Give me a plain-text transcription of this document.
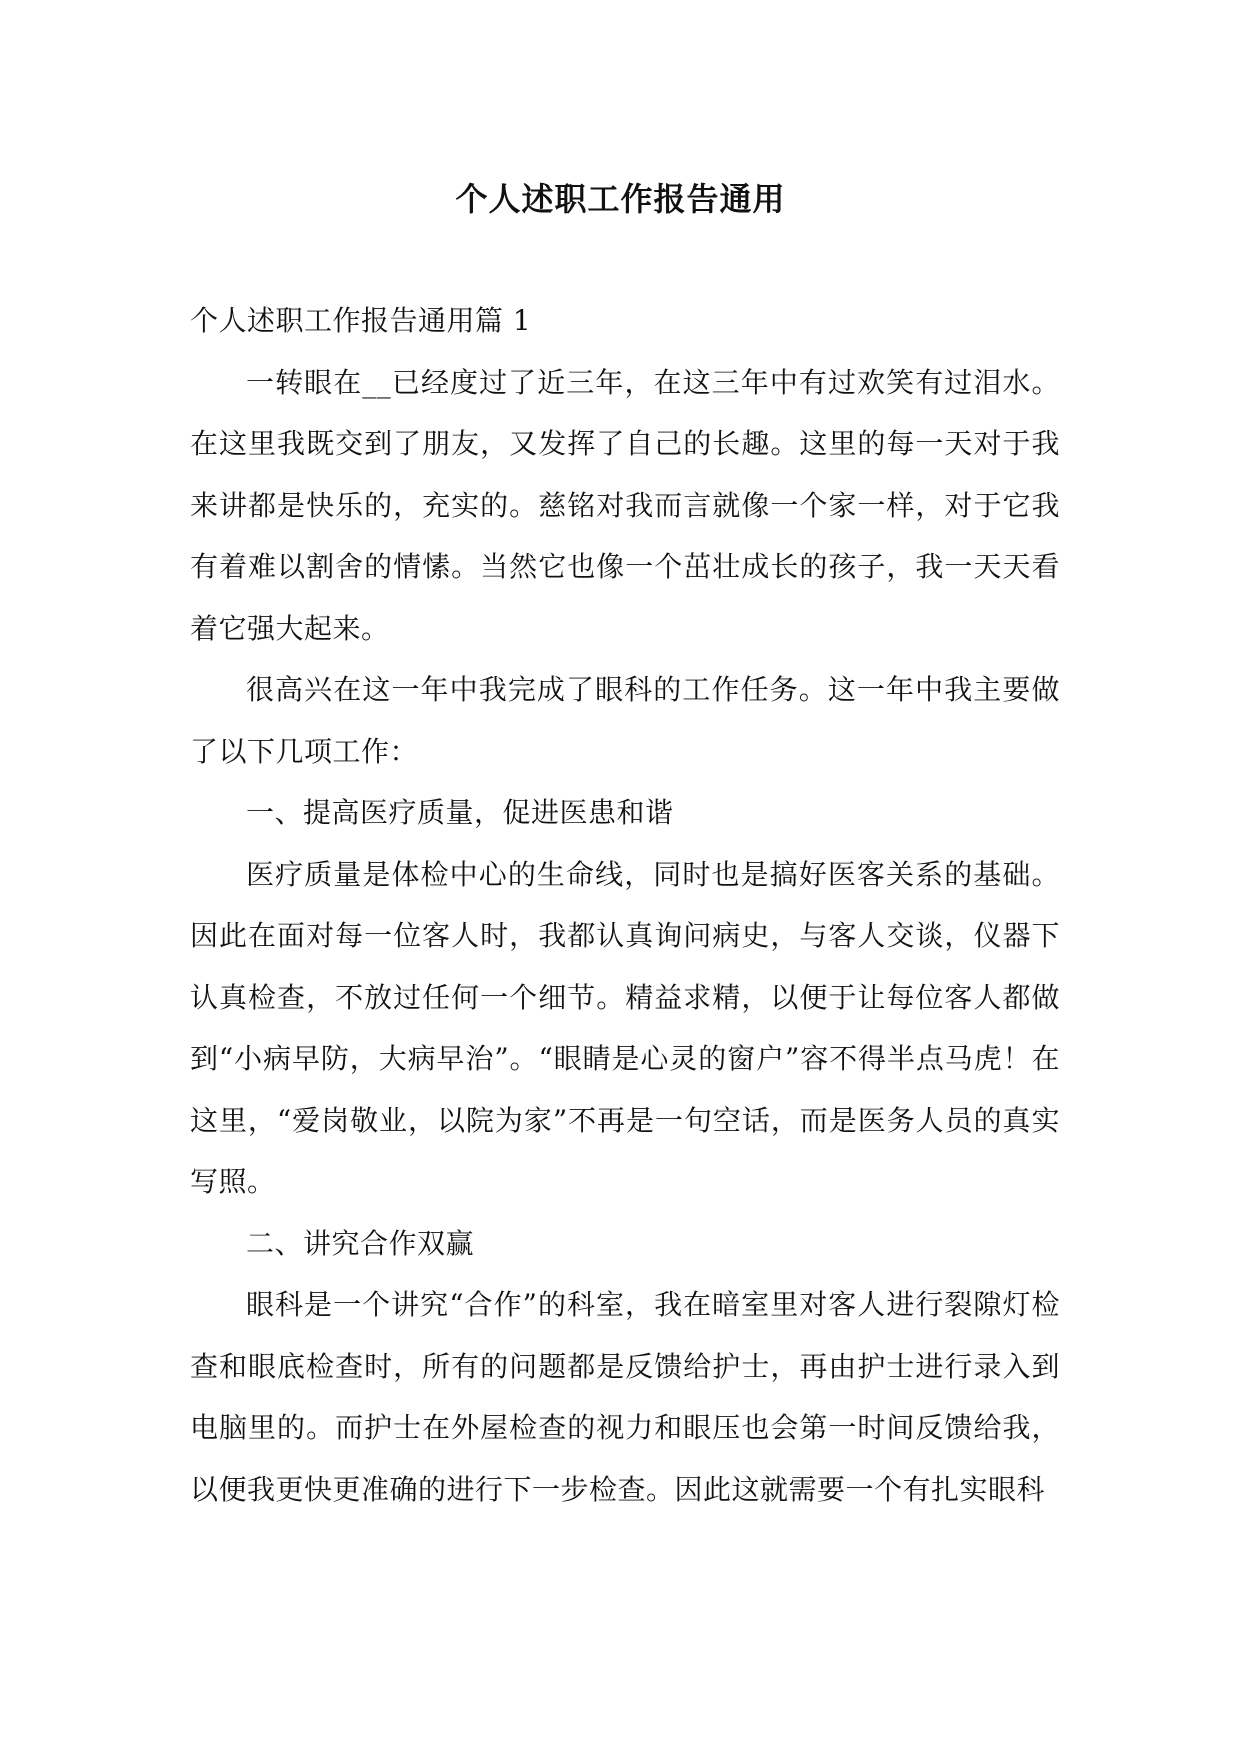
个人述职工作报告通用

个人述职工作报告通用篇 1

一转眼在__已经度过了近三年，在这三年中有过欢笑有过泪水。在这里我既交到了朋友，又发挥了自己的长趣。这里的每一天对于我来讲都是快乐的，充实的。慈铭对我而言就像一个家一样，对于它我有着难以割舍的情愫。当然它也像一个茁壮成长的孩子，我一天天看着它强大起来。

很高兴在这一年中我完成了眼科的工作任务。这一年中我主要做了以下几项工作：

一、提高医疗质量，促进医患和谐

医疗质量是体检中心的生命线，同时也是搞好医客关系的基础。因此在面对每一位客人时，我都认真询问病史，与客人交谈，仪器下认真检查，不放过任何一个细节。精益求精，以便于让每位客人都做到“小病早防，大病早治”。“眼睛是心灵的窗户”容不得半点马虎！在这里，“爱岗敬业，以院为家”不再是一句空话，而是医务人员的真实写照。

二、讲究合作双赢

眼科是一个讲究“合作”的科室，我在暗室里对客人进行裂隙灯检查和眼底检查时，所有的问题都是反馈给护士，再由护士进行录入到电脑里的。而护士在外屋检查的视力和眼压也会第一时间反馈给我，以便我更快更准确的进行下一步检查。因此这就需要一个有扎实眼科
